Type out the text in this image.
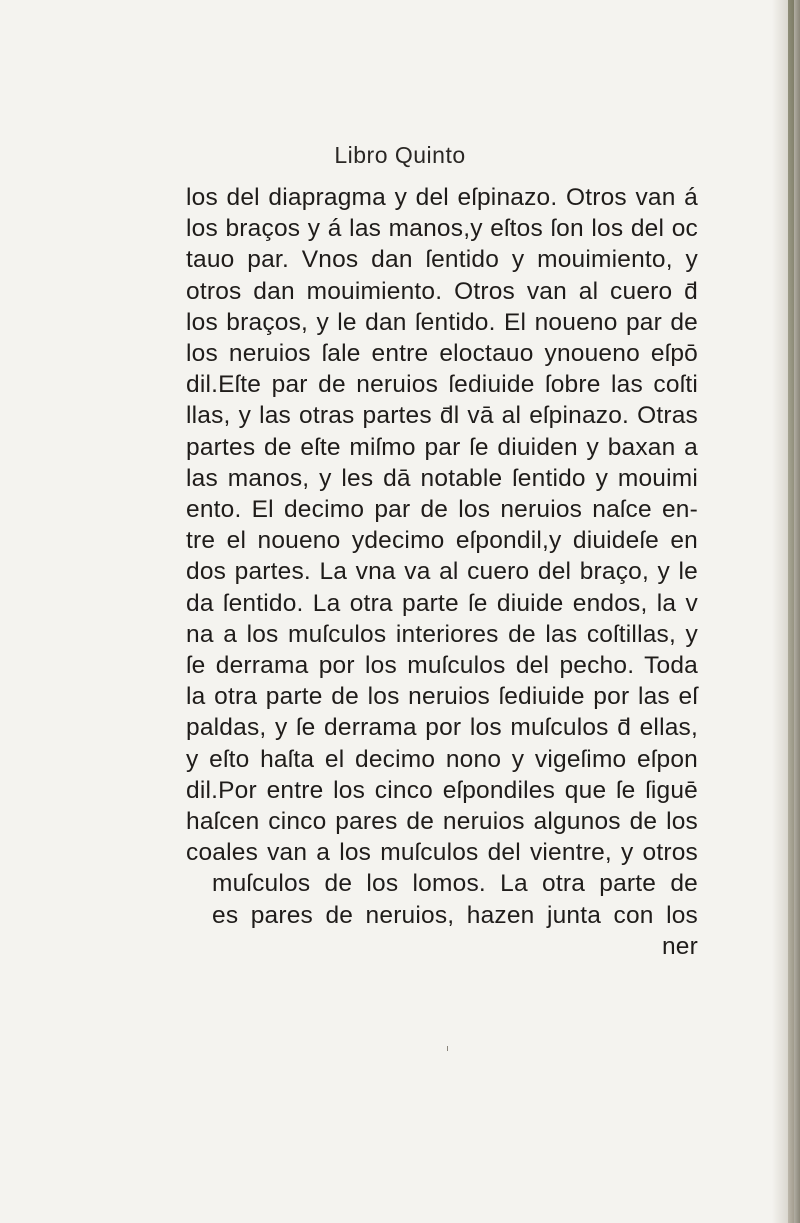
Libro Quinto
los del diapragma y del eſpinazo. Otros van á
los braços y á las manos,y eſtos ſon los del oc
tauo par. Vnos dan ſentido y mouimiento, y
otros dan mouimiento. Otros van al cuero d̄
los braços, y le dan ſentido. El noueno par de
los neruios ſale entre eloctauo ynoueno eſpō
dil.Eſte par de neruios ſediuide ſobre las coſti
llas, y las otras partes d̄l vā al eſpinazo. Otras
partes de eſte miſmo par ſe diuiden y baxan a
las manos, y les dā notable ſentido y mouimi
ento. El decimo par de los neruios naſce en-
tre el noueno ydecimo eſpondil,y diuideſe en
dos partes. La vna va al cuero del braço, y le
da ſentido. La otra parte ſe diuide endos, la v
na a los muſculos interiores de las coſtillas, y
ſe derrama por los muſculos del pecho. Toda
la otra parte de los neruios ſediuide por las eſ
paldas, y ſe derrama por los muſculos d̄ ellas,
y eſto haſta el decimo nono y vigeſimo eſpon
dil.Por entre los cinco eſpondiles que ſe ſiguē
haſcen cinco pares de neruios algunos de los
coales van a los muſculos del vientre, y otros
muſculos de los lomos. La otra parte de
es pares de neruios, hazen junta con los
ner
